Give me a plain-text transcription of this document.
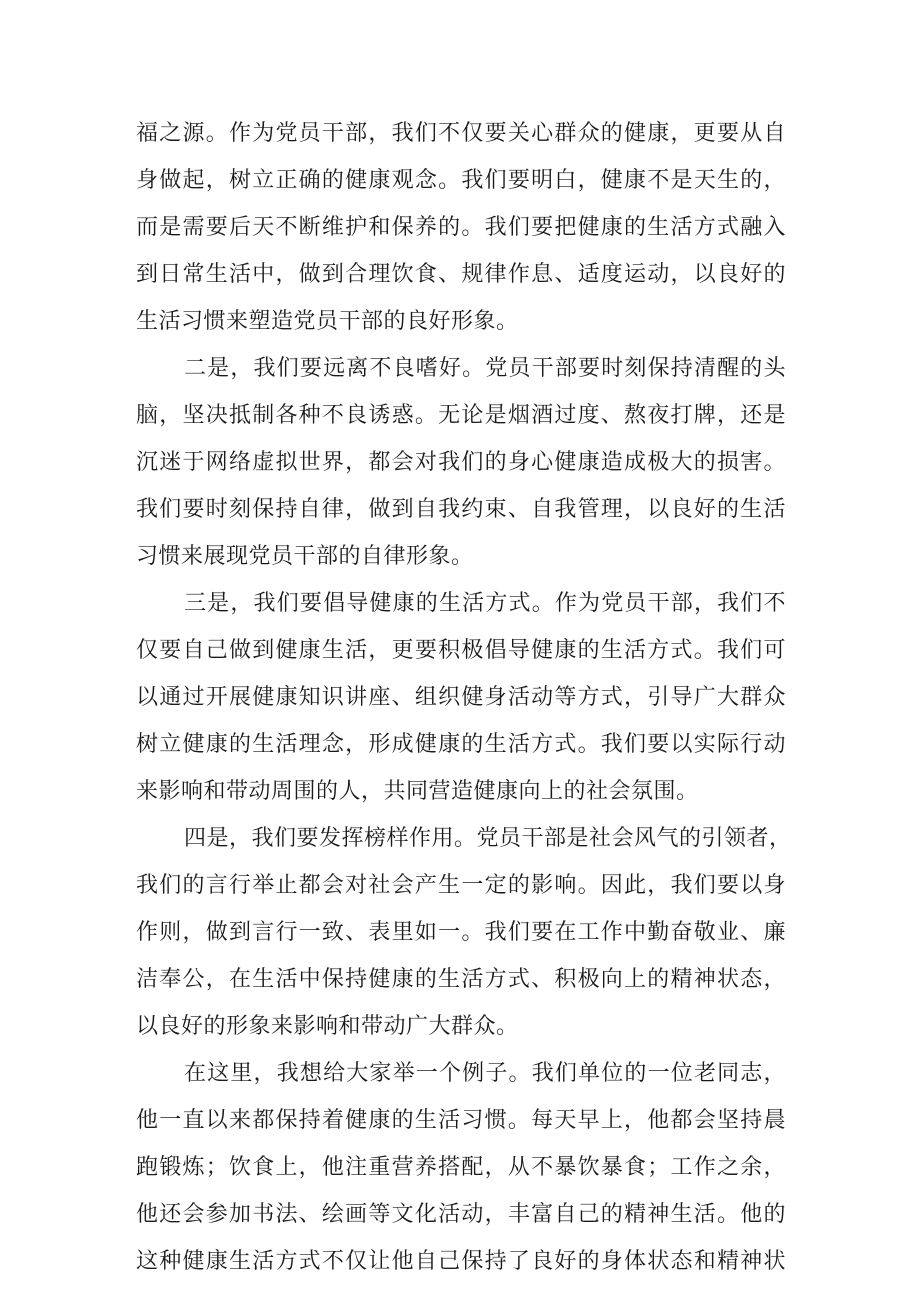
福之源。作为党员干部，我们不仅要关心群众的健康，更要从自
身做起，树立正确的健康观念。我们要明白，健康不是天生的，
而是需要后天不断维护和保养的。我们要把健康的生活方式融入
到日常生活中，做到合理饮食、规律作息、适度运动，以良好的
生活习惯来塑造党员干部的良好形象。
二是，我们要远离不良嗜好。党员干部要时刻保持清醒的头
脑，坚决抵制各种不良诱惑。无论是烟酒过度、熬夜打牌，还是
沉迷于网络虚拟世界，都会对我们的身心健康造成极大的损害。
我们要时刻保持自律，做到自我约束、自我管理，以良好的生活
习惯来展现党员干部的自律形象。
三是，我们要倡导健康的生活方式。作为党员干部，我们不
仅要自己做到健康生活，更要积极倡导健康的生活方式。我们可
以通过开展健康知识讲座、组织健身活动等方式，引导广大群众
树立健康的生活理念，形成健康的生活方式。我们要以实际行动
来影响和带动周围的人，共同营造健康向上的社会氛围。
四是，我们要发挥榜样作用。党员干部是社会风气的引领者，
我们的言行举止都会对社会产生一定的影响。因此，我们要以身
作则，做到言行一致、表里如一。我们要在工作中勤奋敬业、廉
洁奉公，在生活中保持健康的生活方式、积极向上的精神状态，
以良好的形象来影响和带动广大群众。
在这里，我想给大家举一个例子。我们单位的一位老同志，
他一直以来都保持着健康的生活习惯。每天早上，他都会坚持晨
跑锻炼；饮食上，他注重营养搭配，从不暴饮暴食；工作之余，
他还会参加书法、绘画等文化活动，丰富自己的精神生活。他的
这种健康生活方式不仅让他自己保持了良好的身体状态和精神状
